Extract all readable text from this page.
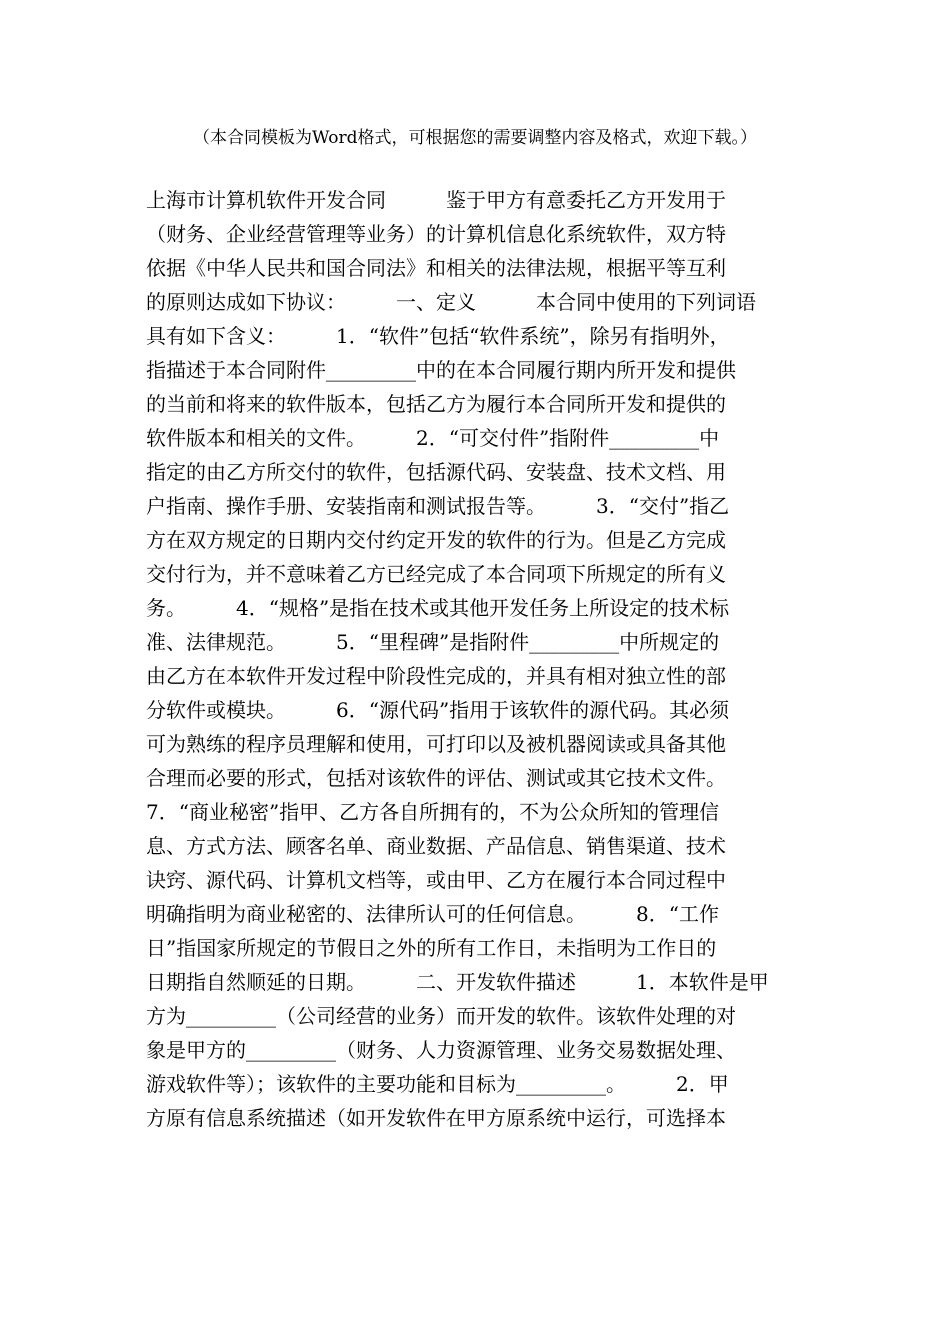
（本合同模板为Word格式，可根据您的需要调整内容及格式，欢迎下载。）
上海市计算机软件开发合同　　　鉴于甲方有意委托乙方开发用于
（财务、企业经营管理等业务）的计算机信息化系统软件，双方特
依据《中华人民共和国合同法》和相关的法律法规，根据平等互利
的原则达成如下协议：　　　一、定义　　　本合同中使用的下列词语
具有如下含义：　　　1．“软件”包括“软件系统”，除另有指明外，
指描述于本合同附件_________中的在本合同履行期内所开发和提供
的当前和将来的软件版本，包括乙方为履行本合同所开发和提供的
软件版本和相关的文件。　　　2．“可交付件”指附件_________中
指定的由乙方所交付的软件，包括源代码、安装盘、技术文档、用
户指南、操作手册、安装指南和测试报告等。　　　3．“交付”指乙
方在双方规定的日期内交付约定开发的软件的行为。但是乙方完成
交付行为，并不意味着乙方已经完成了本合同项下所规定的所有义
务。　　　4．“规格”是指在技术或其他开发任务上所设定的技术标
准、法律规范。　　　5．“里程碑”是指附件_________中所规定的
由乙方在本软件开发过程中阶段性完成的，并具有相对独立性的部
分软件或模块。　　　6．“源代码”指用于该软件的源代码。其必须
可为熟练的程序员理解和使用，可打印以及被机器阅读或具备其他
合理而必要的形式，包括对该软件的评估、测试或其它技术文件。
7．“商业秘密”指甲、乙方各自所拥有的，不为公众所知的管理信
息、方式方法、顾客名单、商业数据、产品信息、销售渠道、技术
诀窍、源代码、计算机文档等，或由甲、乙方在履行本合同过程中
明确指明为商业秘密的、法律所认可的任何信息。　　　8．“工作
日”指国家所规定的节假日之外的所有工作日，未指明为工作日的
日期指自然顺延的日期。　　　二、开发软件描述　　　1．本软件是甲
方为_________（公司经营的业务）而开发的软件。该软件处理的对
象是甲方的_________（财务、人力资源管理、业务交易数据处理、
游戏软件等）；该软件的主要功能和目标为_________。　　　2．甲
方原有信息系统描述（如开发软件在甲方原系统中运行，可选择本
